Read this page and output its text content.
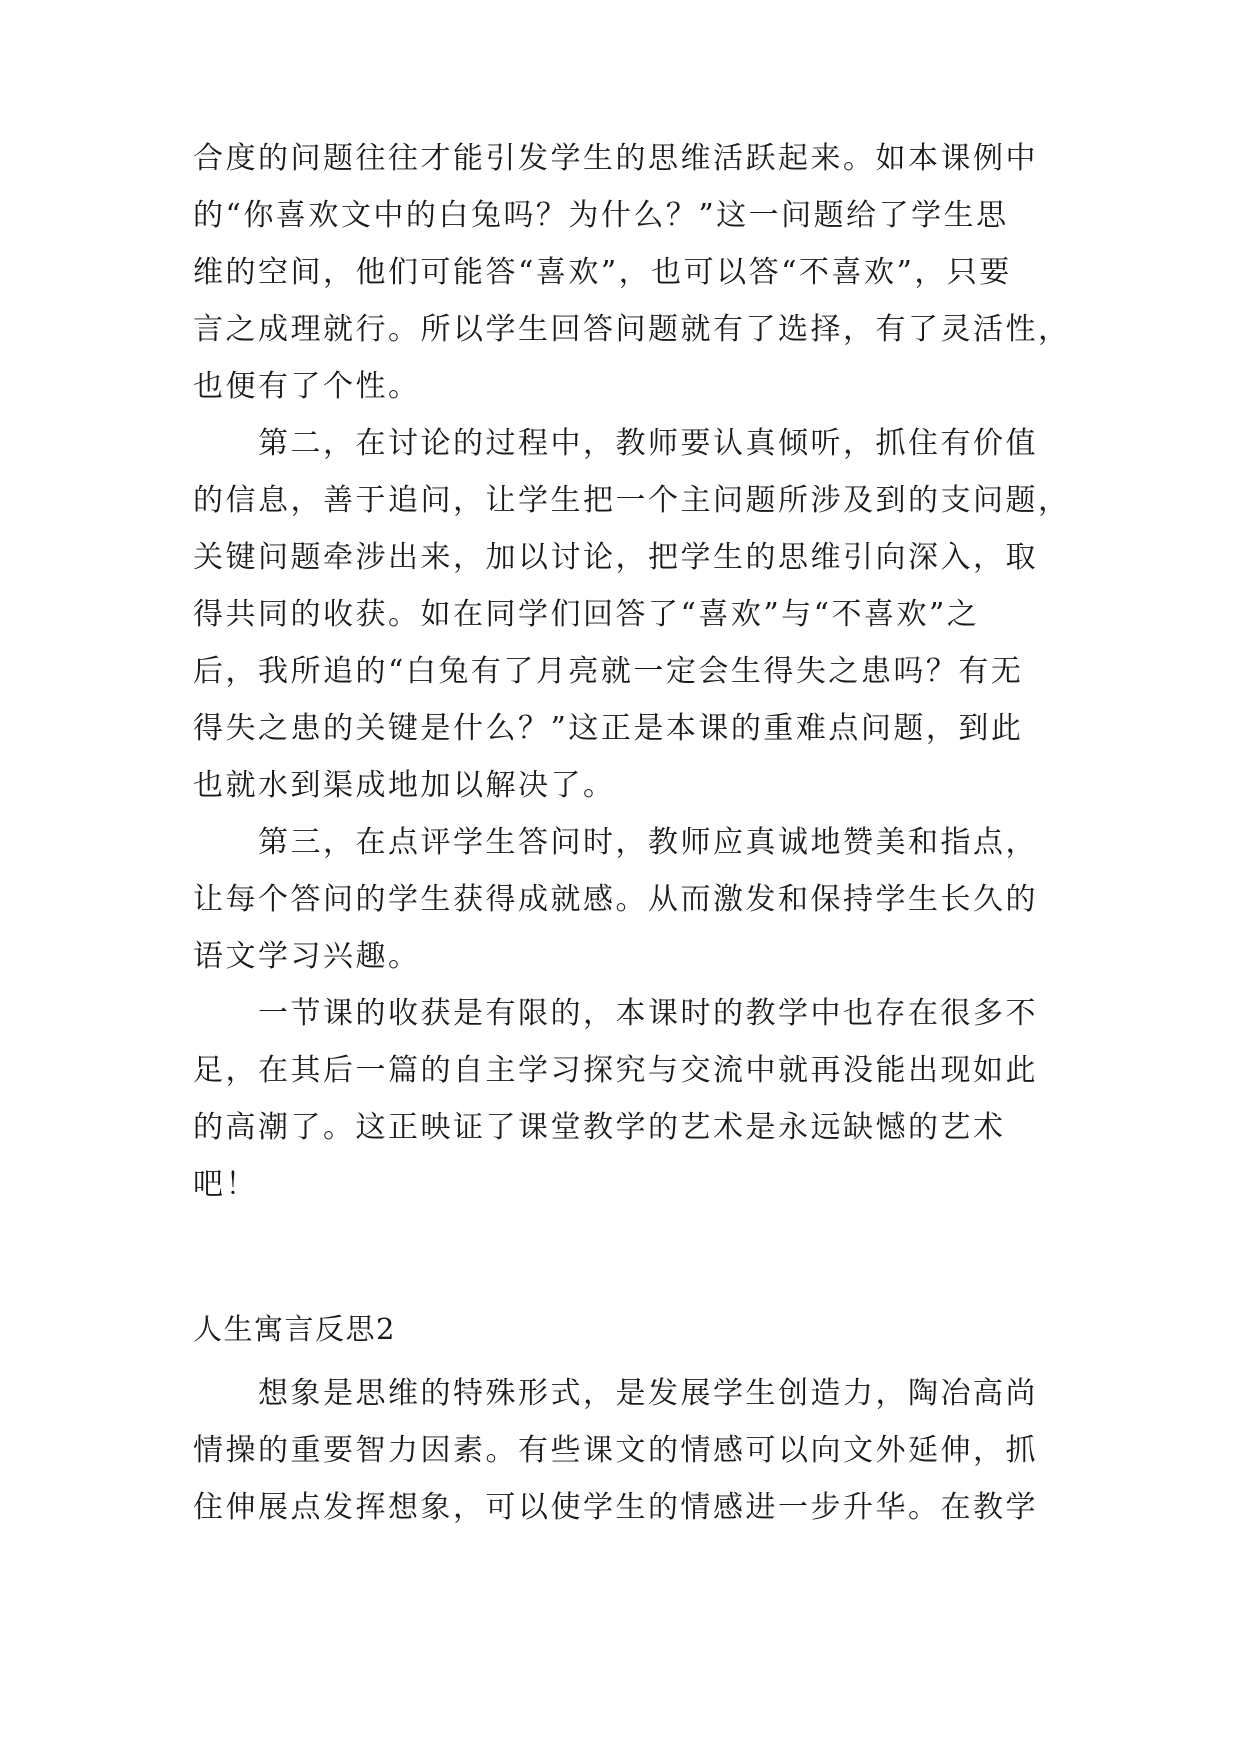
合度的问题往往才能引发学生的思维活跃起来。如本课例中
的“你喜欢文中的白兔吗？为什么？”这一问题给了学生思
维的空间，他们可能答“喜欢”，也可以答“不喜欢”，只要
言之成理就行。所以学生回答问题就有了选择，有了灵活性，
也便有了个性。
第二，在讨论的过程中，教师要认真倾听，抓住有价值
的信息，善于追问，让学生把一个主问题所涉及到的支问题，
关键问题牵涉出来，加以讨论，把学生的思维引向深入，取
得共同的收获。如在同学们回答了“喜欢”与“不喜欢”之
后，我所追的“白兔有了月亮就一定会生得失之患吗？有无
得失之患的关键是什么？”这正是本课的重难点问题，到此
也就水到渠成地加以解决了。
第三，在点评学生答问时，教师应真诚地赞美和指点，
让每个答问的学生获得成就感。从而激发和保持学生长久的
语文学习兴趣。
一节课的收获是有限的，本课时的教学中也存在很多不
足，在其后一篇的自主学习探究与交流中就再没能出现如此
的高潮了。这正映证了课堂教学的艺术是永远缺憾的艺术
吧！
人生寓言反思2
想象是思维的特殊形式，是发展学生创造力，陶冶高尚
情操的重要智力因素。有些课文的情感可以向文外延伸，抓
住伸展点发挥想象，可以使学生的情感进一步升华。在教学
